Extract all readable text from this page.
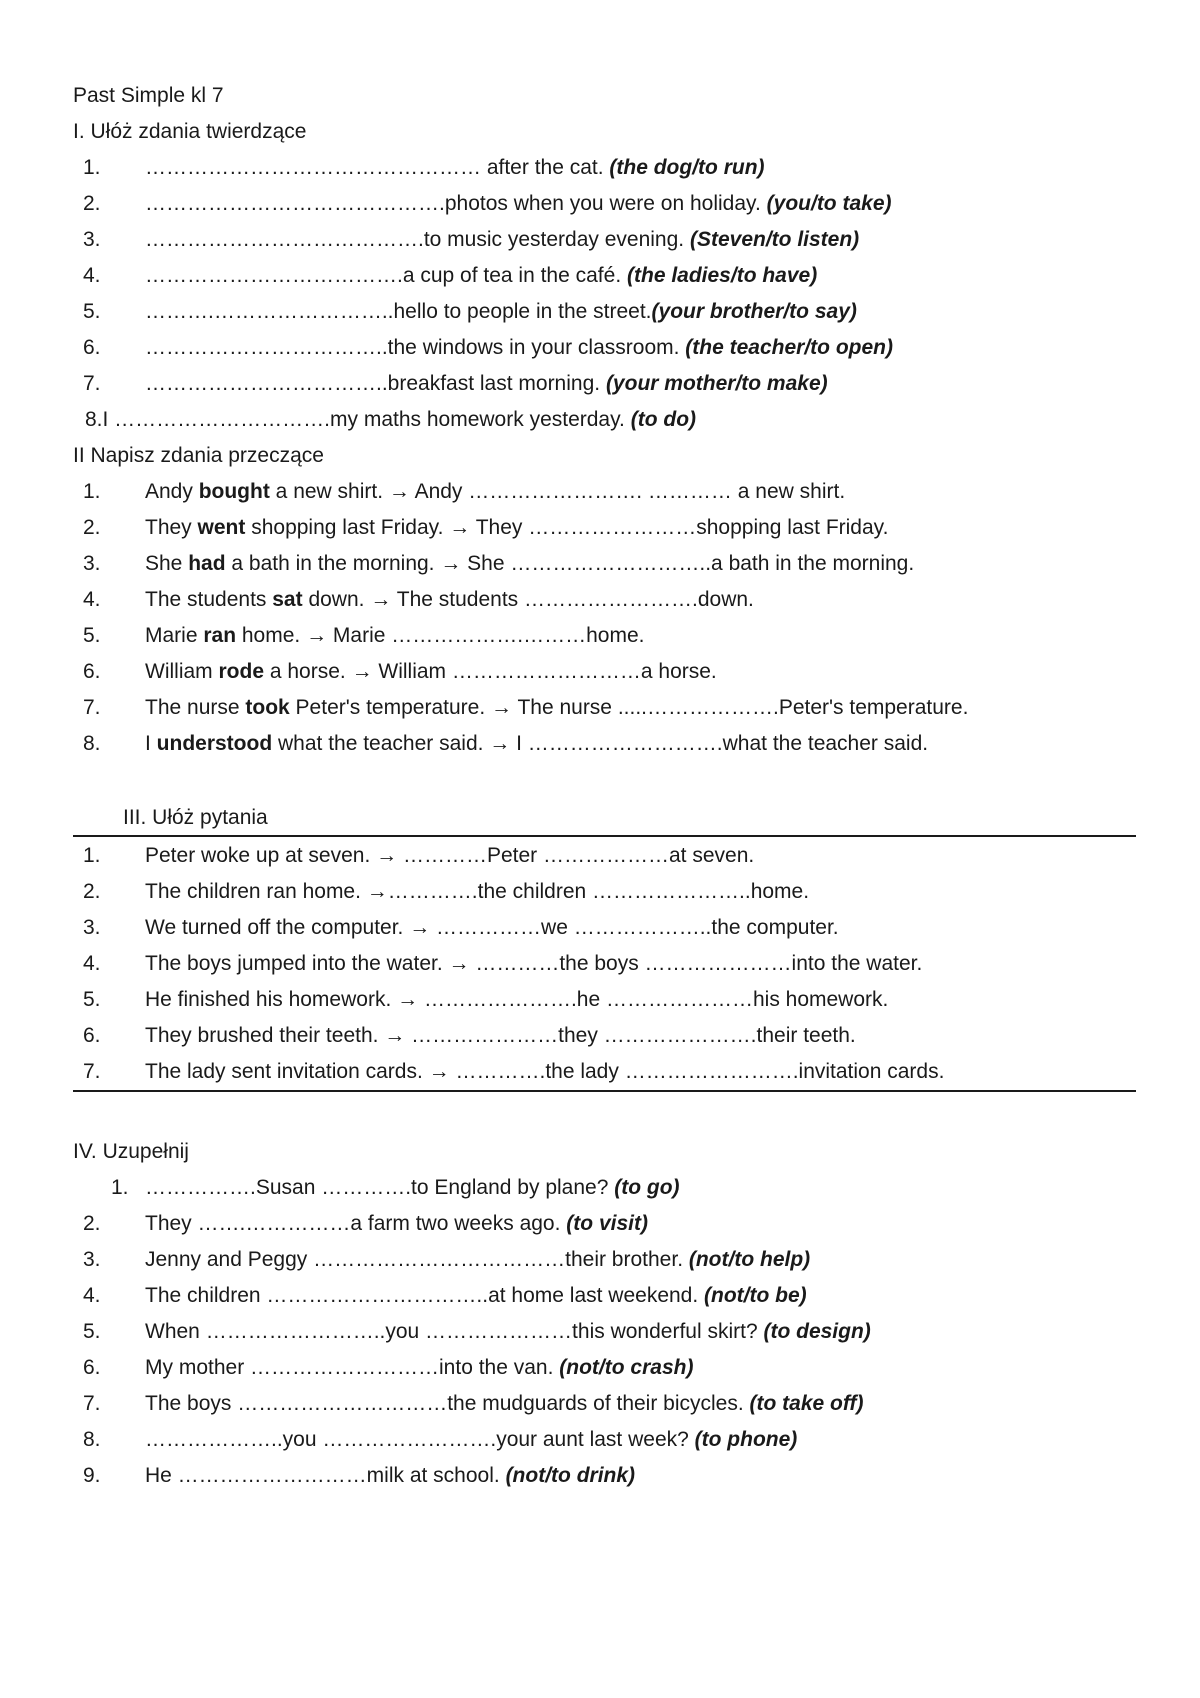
Past Simple kl 7
I. Ułóż zdania twierdzące
1.	………………………………………… after the cat. (the dog/to run)
2.	…………………………………….photos when you were on holiday. (you/to take)
3.	………………………………….to music yesterday evening. (Steven/to listen)
4.	……………………………….a cup of tea in the café. (the ladies/to have)
5.	……….……………………..hello to people in the street.(your brother/to say)
6.	……………………………..the windows in your classroom. (the teacher/to open)
7.	……………………………..breakfast last morning. (your mother/to make)
8.I ………………………….my maths homework yesterday. (to do)
II Napisz zdania przeczące
1.	Andy bought a new shirt. → Andy ……………………. ………… a new shirt.
2.	They went shopping last Friday. → They ……………………shopping last Friday.
3.	She had a bath in the morning. → She ………………………..a bath in the morning.
4.	The students sat down. → The students …………………….down.
5.	Marie ran home. → Marie ……………….………home.
6.	William rode a horse. → William ………………………a horse.
7.	The nurse took Peter's temperature. → The nurse .....……………….Peter's temperature.
8.	I understood what the teacher said. → I ……………………….what the teacher said.
III. Ułóż pytania
1.	Peter woke up at seven. → …………Peter ………………at seven.
2.	The children ran home. →………….the children …………………..home.
3.	We turned off the computer. → ……………we ………………..the computer.
4.	The boys jumped into the water. → …………the boys …………………into the water.
5.	He finished his homework. → ………………….he …………………his homework.
6.	They brushed their teeth. → …………………they ………………….their teeth.
7.	The lady sent invitation cards. → ………….the lady …………………….invitation cards.
IV. Uzupełnij
1. …………….Susan ………….to England by plane? (to go)
2.	They …….……………a farm two weeks ago. (to visit)
3.	Jenny and Peggy ………………………………their brother. (not/to help)
4.	The children …………………………..at home last weekend. (not/to be)
5.	When ……………………..you …………………this wonderful skirt? (to design)
6.	My mother ………………………into the van. (not/to crash)
7.	The boys …………………………the mudguards of their bicycles. (to take off)
8.	………………..you …………………….your aunt last week? (to phone)
9.	He ………………………milk at school. (not/to drink)
